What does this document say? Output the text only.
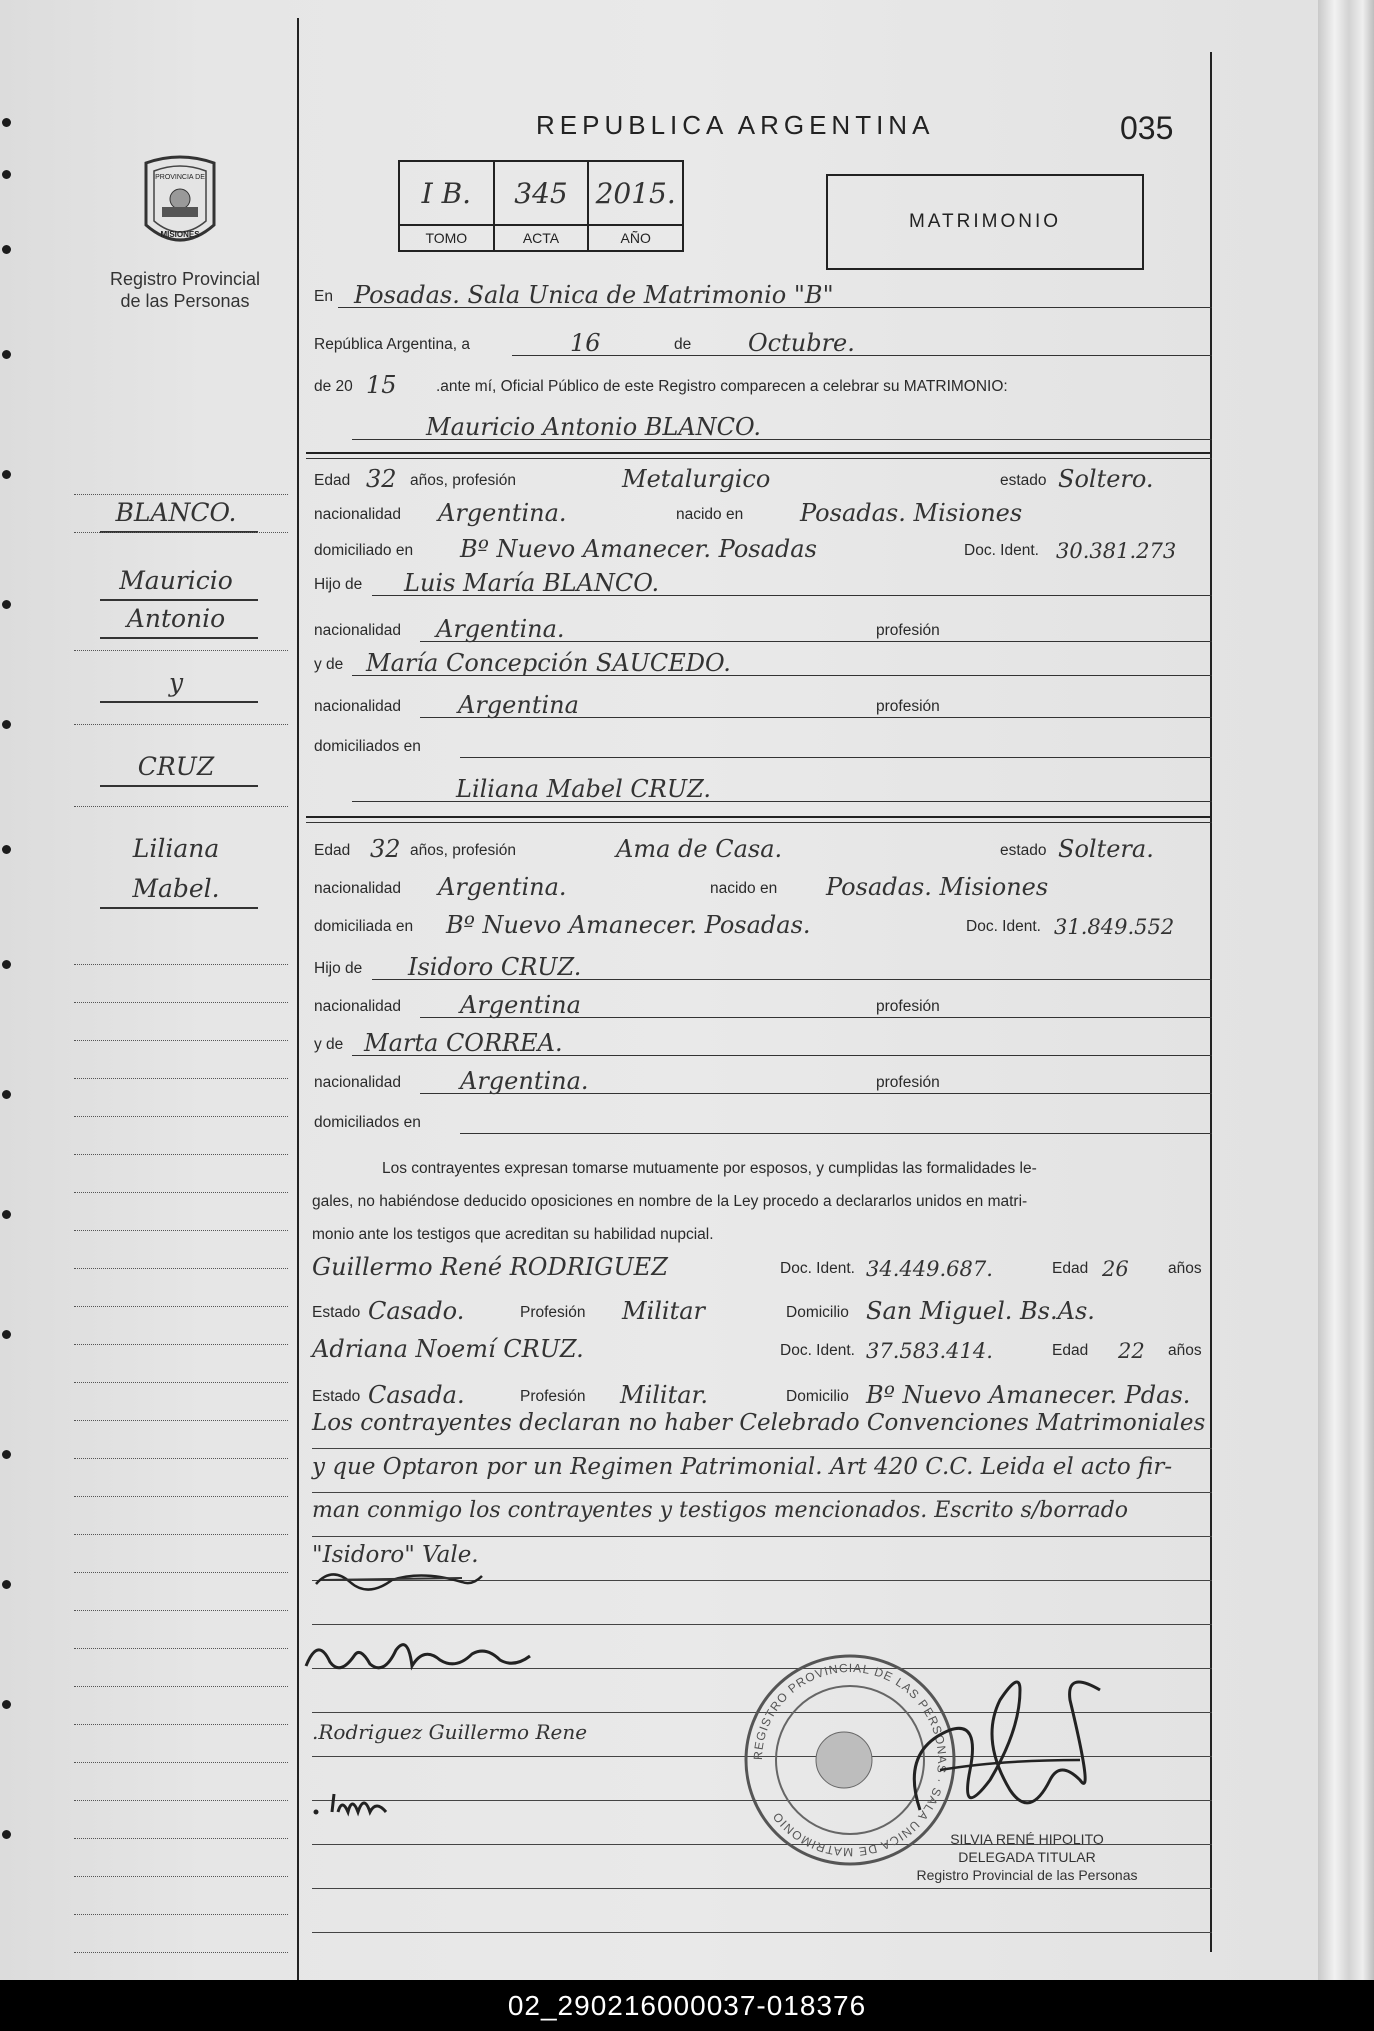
PROVINCIA DE
MISIONES
Registro Provincial
de las Personas
REPUBLICA ARGENTINA	035
I B.
TOMO
345
ACTA
2015.
AÑO
MATRIMONIO
En Posadas. Sala Unica de Matrimonio "B"
República Argentina, a	16	de Octubre.
de 20 15	.ante mí, Oficial Público de este Registro comparecen a celebrar su MATRIMONIO:
Mauricio Antonio BLANCO.
Edad 32 años, profesión	Metalurgico	estado Soltero.
nacionalidad Argentina.	nacido en Posadas. Misiones
domiciliado en Bº Nuevo Amanecer. Posadas	Doc. Ident. 30.381.273
Hijo de Luis María BLANCO.
nacionalidad Argentina.	profesión
y de María Concepción SAUCEDO.
nacionalidad Argentina	profesión
domiciliados en
Liliana Mabel CRUZ.
Edad 32 años, profesión	Ama de Casa.	estado Soltera.
nacionalidad Argentina.	nacido en Posadas. Misiones
domiciliada en Bº Nuevo Amanecer. Posadas.	Doc. Ident. 31.849.552
Hijo de Isidoro CRUZ.
nacionalidad Argentina	profesión
y de Marta CORREA.
nacionalidad Argentina.	profesión
domiciliados en
Los contrayentes expresan tomarse mutuamente por esposos, y cumplidas las formalidades le-
gales, no habiéndose deducido oposiciones en nombre de la Ley procedo a declararlos unidos en matri-
monio ante los testigos que acreditan su habilidad nupcial.
Guillermo René RODRIGUEZ	Doc. Ident. 34.449.687.	Edad 26	años
Estado Casado.	Profesión Militar	Domicilio San Miguel. Bs.As.
Adriana Noemí CRUZ.	Doc. Ident. 37.583.414.	Edad 22 años
Estado Casada.	Profesión Militar.	Domicilio Bº Nuevo Amanecer. Pdas.
Los contrayentes declaran no haber Celebrado Convenciones Matrimoniales
y que Optaron por un Regimen Patrimonial. Art 420 C.C. Leida el acto fir-
man conmigo los contrayentes y testigos mencionados. Escrito s/borrado
"Isidoro" Vale.
.Rodriguez Guillermo Rene
REGISTRO PROVINCIAL DE LAS PERSONAS · SALA UNICA DE MATRIMONIO
SILVIA RENÉ HIPOLITO
DELEGADA TITULAR
Registro Provincial de las Personas
BLANCO.
Mauricio
Antonio
y
CRUZ
Liliana
Mabel.
02_290216000037-018376
